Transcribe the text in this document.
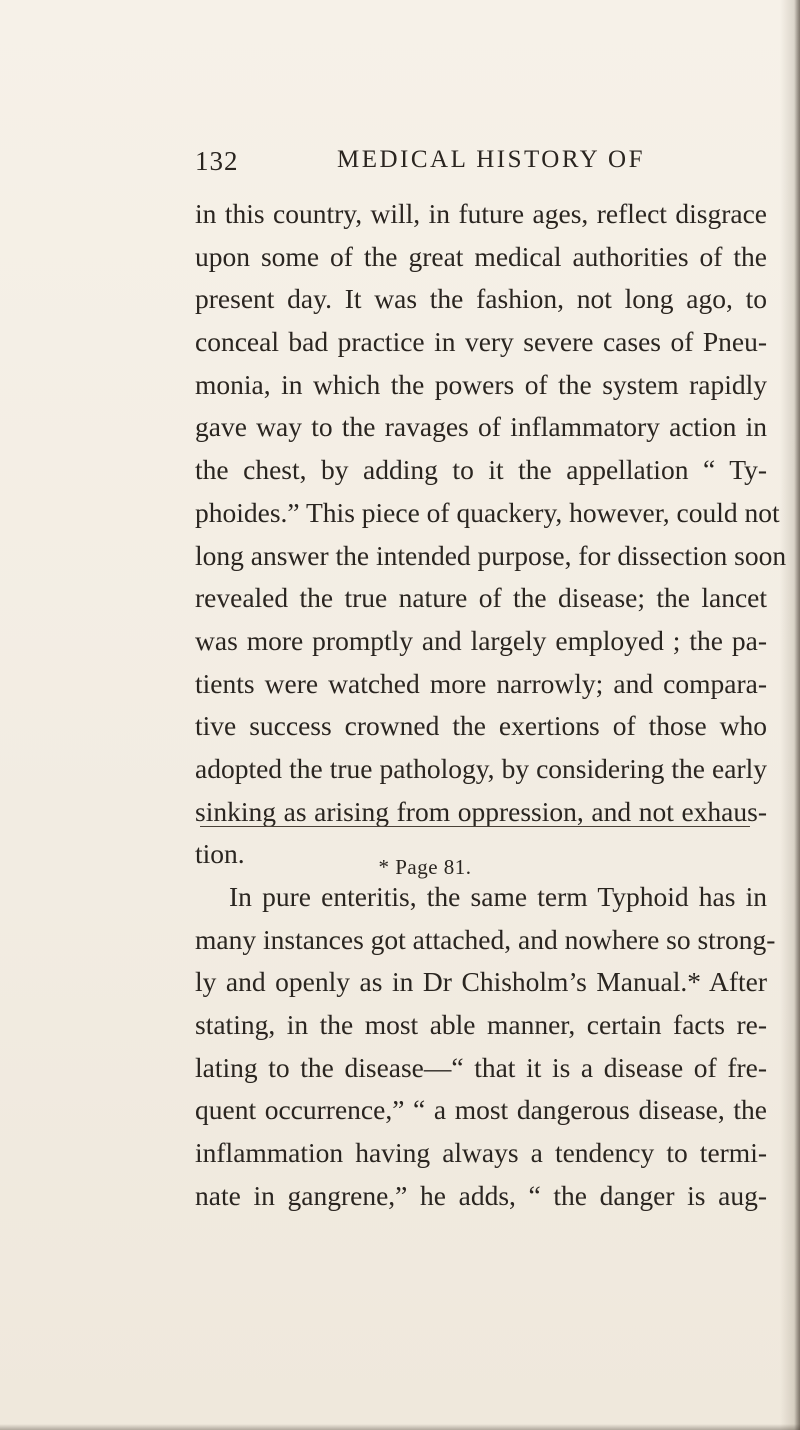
132	MEDICAL HISTORY OF
in this country, will, in future ages, reflect disgrace
upon some of the great medical authorities of the
present day. It was the fashion, not long ago, to
conceal bad practice in very severe cases of Pneu-
monia, in which the powers of the system rapidly
gave way to the ravages of inflammatory action in
the chest, by adding to it the appellation “ Ty-
phoides.” This piece of quackery, however, could not
long answer the intended purpose, for dissection soon
revealed the true nature of the disease; the lancet
was more promptly and largely employed ; the pa-
tients were watched more narrowly; and compara-
tive success crowned the exertions of those who
adopted the true pathology, by considering the early
sinking as arising from oppression, and not exhaus-
tion.
In pure enteritis, the same term Typhoid has in
many instances got attached, and nowhere so strong-
ly and openly as in Dr Chisholm’s Manual.* After
stating, in the most able manner, certain facts re-
lating to the disease—“ that it is a disease of fre-
quent occurrence,” “ a most dangerous disease, the
inflammation having always a tendency to termi-
nate in gangrene,” he adds, “ the danger is aug-
* Page 81.
